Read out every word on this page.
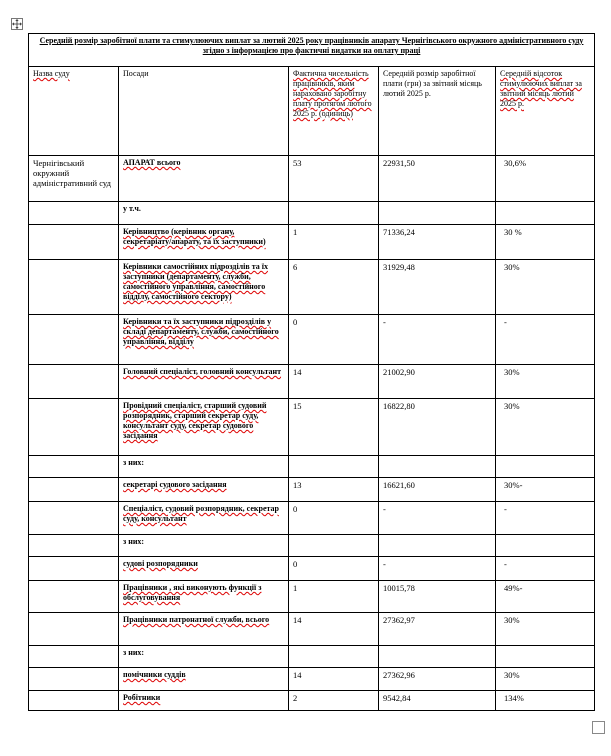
Середній розмір заробітної плати та стимулюючих виплат за лютий 2025 року працівників апарату Чернігівського окружного адміністративного суду згідно з інформацією про фактичні видатки на оплату праці				
Назва суду	Посади	Фактична чисельність працівників, яким нараховано заробітну плату протягом лютого 2025 р. (одиниць)	Середній розмір заробітної плати (грн) за звітний місяць лютий 2025 р.	Середній відсоток стимулюючих виплат за звітний місяць лютий 2025 р.
Чернігівський окружний адміністративний суд	АПАРАТ всього	53	22931,50	30,6%
	у т.ч.			
	Керівництво (керівник органу, секретаріату/апарату, та їх заступники)	1	71336,24	30 %
	Керівники самостійних підрозділів та їх заступники (департаменту, служби, самостійного управління, самостійного відділу, самостійного сектору)	6	31929,48	30%
	Керівники та їх заступники підрозділів у складі департаменту, служби, самостійного управління, відділу	0	-	-
	Головний спеціаліст, головний консультант	14	21002,90	30%
	Провідний спеціаліст, старший судовий розпорядник, старший секретар суду, консультант суду, секретар судового засідання	15	16822,80	30%
	з них:			
	секретарі судового засідання	13	16621,60	30%-
	Спеціаліст, судовий розпорядник, секретар суду, консультант	0	-	-
	з них:			
	судові розпорядники	0	-	-
	Працівники , які виконують функції з обслуговування	1	10015,78	49%-
	Працівники патронатної служби, всього	14	27362,97	30%
	з них:			
	помічники суддів	14	27362,96	30%
	Робітники	2	9542,84	134%
